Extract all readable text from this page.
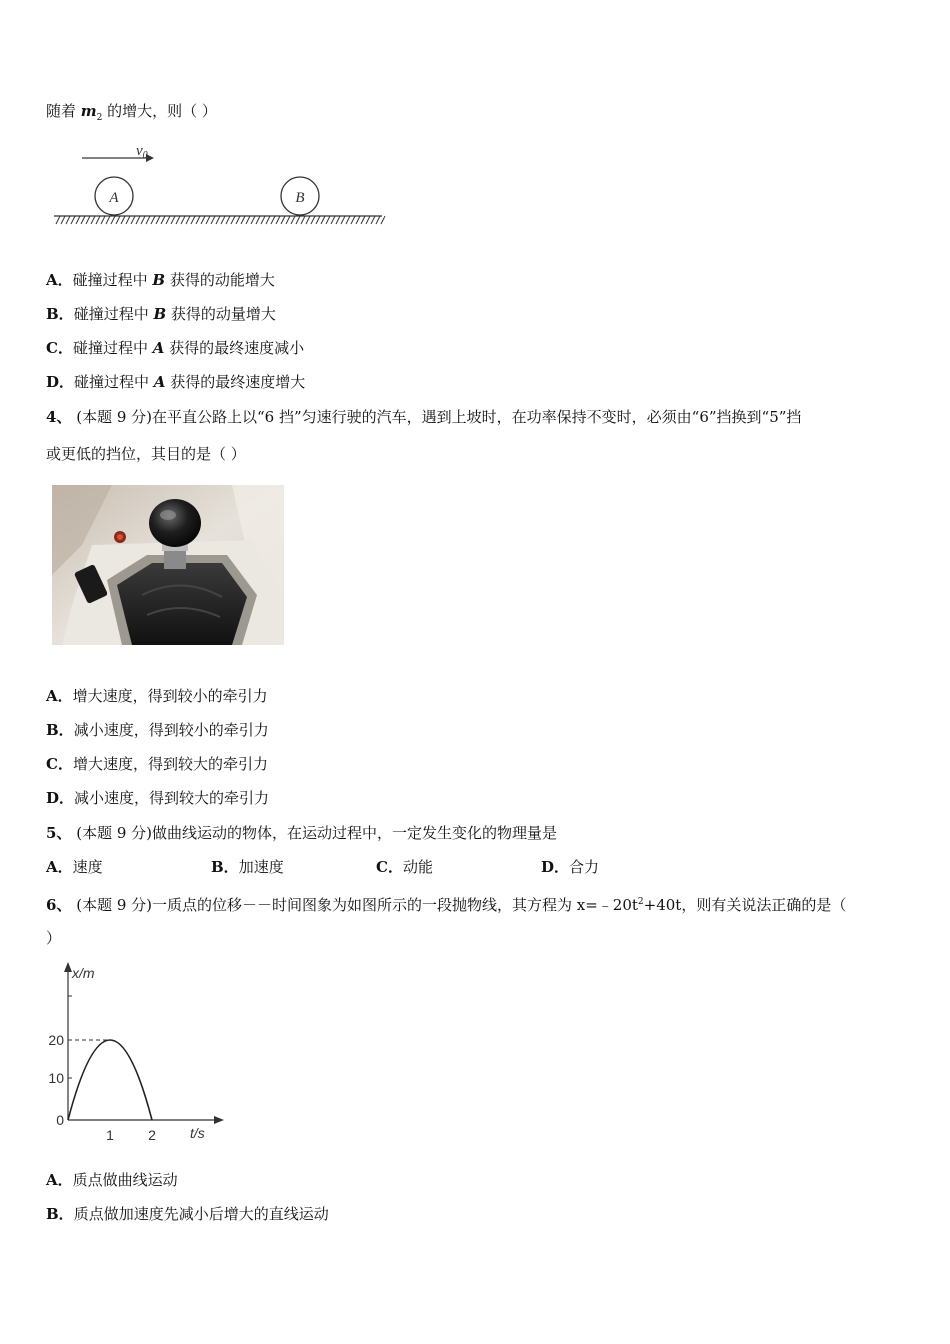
随着 $m_2$ 的增大，则（ ）
$v_0$
A	B
A．碰撞过程中 B 获得的动能增大
B．碰撞过程中 B 获得的动量增大
C．碰撞过程中 A 获得的最终速度减小
D．碰撞过程中 A 获得的最终速度增大
4、 (本题 9 分)在平直公路上以“6 挡”匀速行驶的汽车，遇到上坡时，在功率保持不变时，必须由“6”挡换到“5”挡
或更低的挡位，其目的是（ ）
A．增大速度，得到较小的牵引力
B．减小速度，得到较小的牵引力
C．增大速度，得到较大的牵引力
D．减小速度，得到较大的牵引力
5、 (本题 9 分)做曲线运动的物体，在运动过程中，一定发生变化的物理量是
A．速度	B．加速度	C．动能	D．合力
6、 (本题 9 分)一质点的位移－－时间图象为如图所示的一段抛物线，其方程为 $x=﹣20t^2+40t$，则有关说法正确的是（
）
x/m
t/s
20
10
0
1 2
A．质点做曲线运动
B．质点做加速度先减小后增大的直线运动
